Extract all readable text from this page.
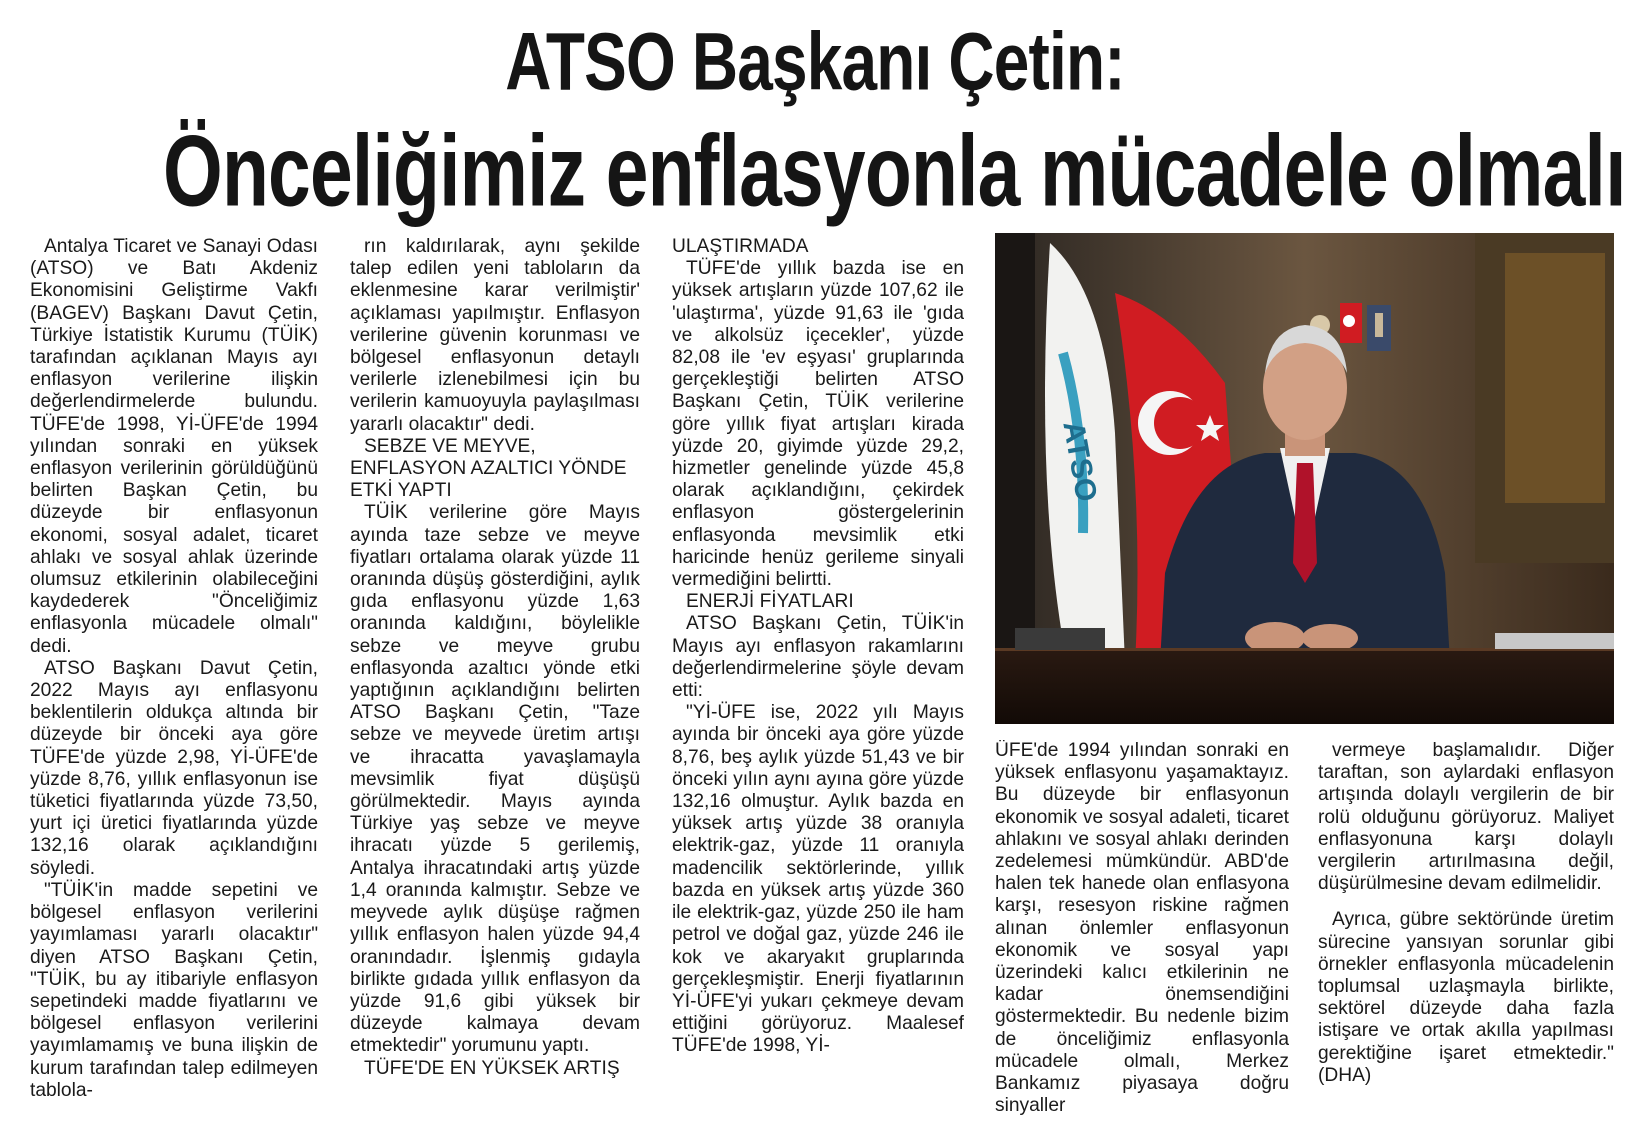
ATSO Başkanı Çetin:
Önceliğimiz enflasyonla mücadele olmalı

Antalya Ticaret ve Sanayi Odası (ATSO) ve Batı Akdeniz Ekonomisini Geliştirme Vakfı (BAGEV) Başkanı Davut Çetin, Türkiye İstatistik Kurumu (TÜİK) tarafından açıklanan Mayıs ayı enflasyon verilerine ilişkin değerlendirmelerde bulundu. TÜFE'de 1998, Yİ-ÜFE'de 1994 yılından sonraki en yüksek enflasyon verilerinin görüldüğünü belirten Başkan Çetin, bu düzeyde bir enflasyonun ekonomi, sosyal adalet, ticaret ahlakı ve sosyal ahlak üzerinde olumsuz etkilerinin olabileceğini kaydederek "Önceliğimiz enflasyonla mücadele olmalı" dedi.

ATSO Başkanı Davut Çetin, 2022 Mayıs ayı enflasyonu beklentilerin oldukça altında bir düzeyde bir önceki aya göre TÜFE'de yüzde 2,98, Yİ-ÜFE'de yüzde 8,76, yıllık enflasyonun ise tüketici fiyatlarında yüzde 73,50, yurt içi üretici fiyatlarında yüzde 132,16 olarak açıklandığını söyledi.

"TÜİK'in madde sepetini ve bölgesel enflasyon verilerini yayımlaması yararlı olacaktır" diyen ATSO Başkanı Çetin, "TÜİK, bu ay itibariyle enflasyon sepetindeki madde fiyatlarını ve bölgesel enflasyon verilerini yayımlamamış ve buna ilişkin de kurum tarafından talep edilmeyen tablola-

rın kaldırılarak, aynı şekilde talep edilen yeni tabloların da eklenmesine karar verilmiştir' açıklaması yapılmıştır. Enflasyon verilerine güvenin korunması ve bölgesel enflasyonun detaylı verilerle izlenebilmesi için bu verilerin kamuoyuyla paylaşılması yararlı olacaktır" dedi.

SEBZE VE MEYVE, ENFLASYON AZALTICI YÖNDE ETKİ YAPTI

TÜİK verilerine göre Mayıs ayında taze sebze ve meyve fiyatları ortalama olarak yüzde 11 oranında düşüş gösterdiğini, aylık gıda enflasyonu yüzde 1,63 oranında kaldığını, böylelikle sebze ve meyve grubu enflasyonda azaltıcı yönde etki yaptığının açıklandığını belirten ATSO Başkanı Çetin, "Taze sebze ve meyvede üretim artışı ve ihracatta yavaşlamayla mevsimlik fiyat düşüşü görülmektedir. Mayıs ayında Türkiye yaş sebze ve meyve ihracatı yüzde 5 gerilemiş, Antalya ihracatındaki artış yüzde 1,4 oranında kalmıştır. Sebze ve meyvede aylık düşüşe rağmen yıllık enflasyon halen yüzde 94,4 oranındadır. İşlenmiş gıdayla birlikte gıdada yıllık enflasyon da yüzde 91,6 gibi yüksek bir düzeyde kalmaya devam etmektedir" yorumunu yaptı.

TÜFE'DE EN YÜKSEK ARTIŞ

ULAŞTIRMADA

TÜFE'de yıllık bazda ise en yüksek artışların yüzde 107,62 ile 'ulaştırma', yüzde 91,63 ile 'gıda ve alkolsüz içecekler', yüzde 82,08 ile 'ev eşyası' gruplarında gerçekleştiği belirten ATSO Başkanı Çetin, TÜİK verilerine göre yıllık fiyat artışları kirada yüzde 20, giyimde yüzde 29,2, hizmetler genelinde yüzde 45,8 olarak açıklandığını, çekirdek enflasyon göstergelerinin enflasyonda mevsimlik etki haricinde henüz gerileme sinyali vermediğini belirtti.

ENERJİ FİYATLARI

ATSO Başkanı Çetin, TÜİK'in Mayıs ayı enflasyon rakamlarını değerlendirmelerine şöyle devam etti:

"Yİ-ÜFE ise, 2022 yılı Mayıs ayında bir önceki aya göre yüzde 8,76, beş aylık yüzde 51,43 ve bir önceki yılın aynı ayına göre yüzde 132,16 olmuştur. Aylık bazda en yüksek artış yüzde 38 oranıyla elektrik-gaz, yüzde 11 oranıyla madencilik sektörlerinde, yıllık bazda en yüksek artış yüzde 360 ile elektrik-gaz, yüzde 250 ile ham petrol ve doğal gaz, yüzde 246 ile kok ve akaryakıt gruplarında gerçekleşmiştir. Enerji fiyatlarının Yİ-ÜFE'yi yukarı çekmeye devam ettiğini görüyoruz. Maalesef TÜFE'de 1998, Yİ-

ATSO

ÜFE'de 1994 yılından sonraki en yüksek enflasyonu yaşamaktayız. Bu düzeyde bir enflasyonun ekonomik ve sosyal adaleti, ticaret ahlakını ve sosyal ahlakı derinden zedelemesi mümkündür. ABD'de halen tek hanede olan enflasyona karşı, resesyon riskine rağmen alınan önlemler enflasyonun ekonomik ve sosyal yapı üzerindeki kalıcı etkilerinin ne kadar önemsendiğini göstermektedir. Bu nedenle bizim de önceliğimiz enflasyonla mücadele olmalı, Merkez Bankamız piyasaya doğru sinyaller

vermeye başlamalıdır. Diğer taraftan, son aylardaki enflasyon artışında dolaylı vergilerin de bir rolü olduğunu görüyoruz. Maliyet enflasyonuna karşı dolaylı vergilerin artırılmasına değil, düşürülmesine devam edilmelidir.

Ayrıca, gübre sektöründe üretim sürecine yansıyan sorunlar gibi örnekler enflasyonla mücadelenin toplumsal uzlaşmayla birlikte, sektörel düzeyde daha fazla istişare ve ortak akılla yapılması gerektiğine işaret etmektedir."(DHA)
